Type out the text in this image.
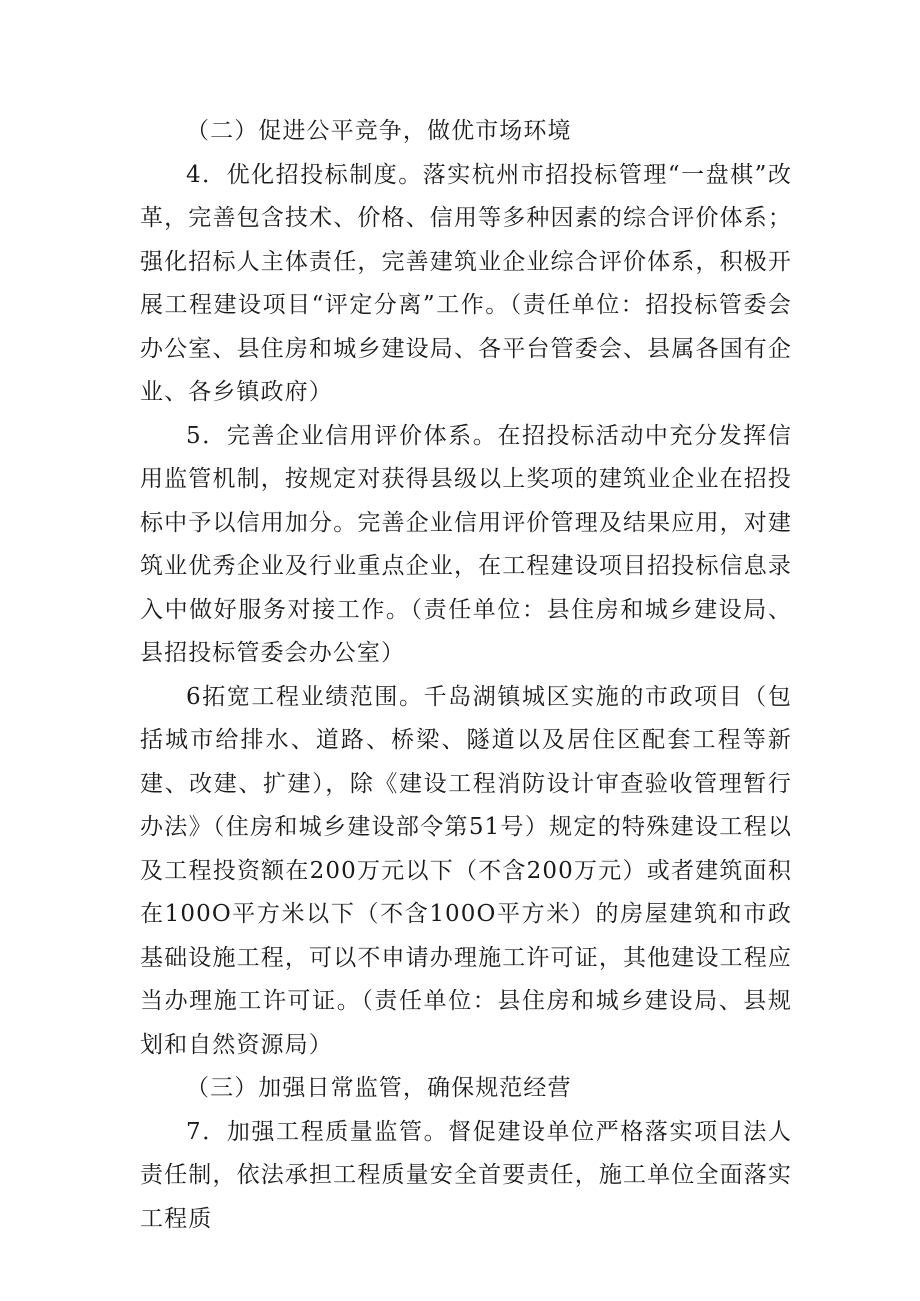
（二）促进公平竞争，做优市场环境

4．优化招投标制度。落实杭州市招投标管理“一盘棋”改革，完善包含技术、价格、信用等多种因素的综合评价体系；强化招标人主体责任，完善建筑业企业综合评价体系，积极开展工程建设项目“评定分离”工作。（责任单位：招投标管委会办公室、县住房和城乡建设局、各平台管委会、县属各国有企业、各乡镇政府）

5．完善企业信用评价体系。在招投标活动中充分发挥信用监管机制，按规定对获得县级以上奖项的建筑业企业在招投标中予以信用加分。完善企业信用评价管理及结果应用，对建筑业优秀企业及行业重点企业，在工程建设项目招投标信息录入中做好服务对接工作。（责任单位：县住房和城乡建设局、县招投标管委会办公室）

6拓宽工程业绩范围。千岛湖镇城区实施的市政项目（包括城市给排水、道路、桥梁、隧道以及居住区配套工程等新建、改建、扩建），除《建设工程消防设计审查验收管理暂行办法》（住房和城乡建设部令第51号）规定的特殊建设工程以及工程投资额在200万元以下（不含200万元）或者建筑面积在100O平方米以下（不含100O平方米）的房屋建筑和市政基础设施工程，可以不申请办理施工许可证，其他建设工程应当办理施工许可证。（责任单位：县住房和城乡建设局、县规划和自然资源局）

（三）加强日常监管，确保规范经营

7．加强工程质量监管。督促建设单位严格落实项目法人责任制，依法承担工程质量安全首要责任，施工单位全面落实工程质
